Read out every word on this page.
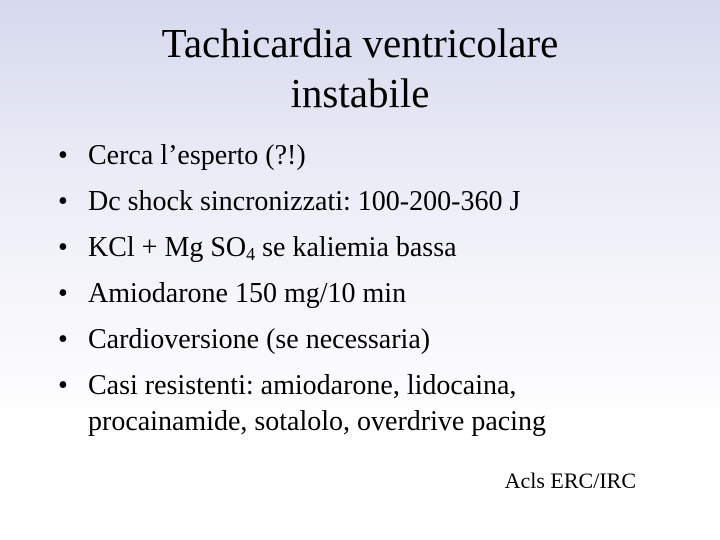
Tachicardia ventricolare
instabile
• Cerca l’esperto (?!)
• Dc shock sincronizzati: 100-200-360 J
• KCl + Mg $SO_4$ se kaliemia bassa
• Amiodarone 150 mg/10 min
• Cardioversione (se necessaria)
• Casi resistenti: amiodarone, lidocaina,
procainamide, sotalolo, overdrive pacing
Acls ERC/IRC
